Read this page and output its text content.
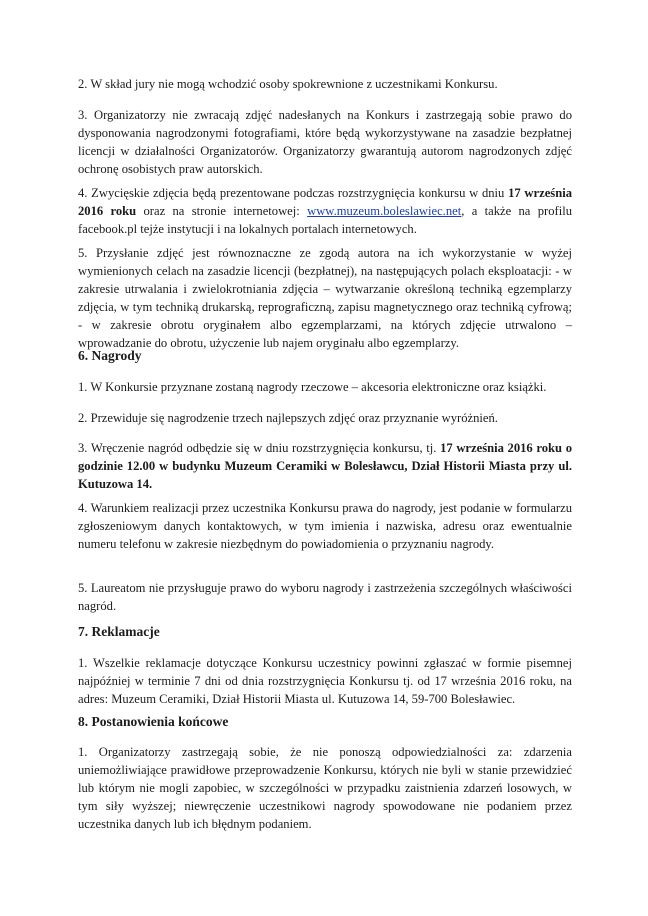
2. W skład jury nie mogą wchodzić osoby spokrewnione z uczestnikami Konkursu.

3. Organizatorzy nie zwracają zdjęć nadesłanych na Konkurs i zastrzegają sobie prawo do dysponowania nagrodzonymi fotografiami, które będą wykorzystywane na zasadzie bezpłatnej licencji w działalności Organizatorów. Organizatorzy gwarantują autorom nagrodzonych zdjęć ochronę osobistych praw autorskich.

4. Zwycięskie zdjęcia będą prezentowane podczas rozstrzygnięcia konkursu w dniu 17 września 2016 roku oraz na stronie internetowej: www.muzeum.boleslawiec.net, a także na profilu facebook.pl tejże instytucji i na lokalnych portalach internetowych.

5. Przysłanie zdjęć jest równoznaczne ze zgodą autora na ich wykorzystanie w wyżej wymienionych celach na zasadzie licencji (bezpłatnej), na następujących polach eksploatacji: - w zakresie utrwalania i zwielokrotniania zdjęcia – wytwarzanie określoną techniką egzemplarzy zdjęcia, w tym techniką drukarską, reprograficzną, zapisu magnetycznego oraz techniką cyfrową; - w zakresie obrotu oryginałem albo egzemplarzami, na których zdjęcie utrwalono – wprowadzanie do obrotu, użyczenie lub najem oryginału albo egzemplarzy.

6. Nagrody

1. W Konkursie przyznane zostaną nagrody rzeczowe – akcesoria elektroniczne oraz książki.

2. Przewiduje się nagrodzenie trzech najlepszych zdjęć oraz przyznanie wyróżnień.

3. Wręczenie nagród odbędzie się w dniu rozstrzygnięcia konkursu, tj. 17 września 2016 roku o godzinie 12.00 w budynku Muzeum Ceramiki w Bolesławcu, Dział Historii Miasta przy ul. Kutuzowa 14.

4. Warunkiem realizacji przez uczestnika Konkursu prawa do nagrody, jest podanie w formularzu zgłoszeniowym danych kontaktowych, w tym imienia i nazwiska, adresu oraz ewentualnie numeru telefonu w zakresie niezbędnym do powiadomienia o przyznaniu nagrody.

5. Laureatom nie przysługuje prawo do wyboru nagrody i zastrzeżenia szczególnych właściwości nagród.

7. Reklamacje

1. Wszelkie reklamacje dotyczące Konkursu uczestnicy powinni zgłaszać w formie pisemnej najpóźniej w terminie 7 dni od dnia rozstrzygnięcia Konkursu tj. od 17 września 2016 roku, na adres: Muzeum Ceramiki, Dział Historii Miasta ul. Kutuzowa 14, 59-700 Bolesławiec.

8. Postanowienia końcowe

1. Organizatorzy zastrzegają sobie, że nie ponoszą odpowiedzialności za: zdarzenia uniemożliwiające prawidłowe przeprowadzenie Konkursu, których nie byli w stanie przewidzieć lub którym nie mogli zapobiec, w szczególności w przypadku zaistnienia zdarzeń losowych, w tym siły wyższej; niewręczenie uczestnikowi nagrody spowodowane nie podaniem przez uczestnika danych lub ich błędnym podaniem.
